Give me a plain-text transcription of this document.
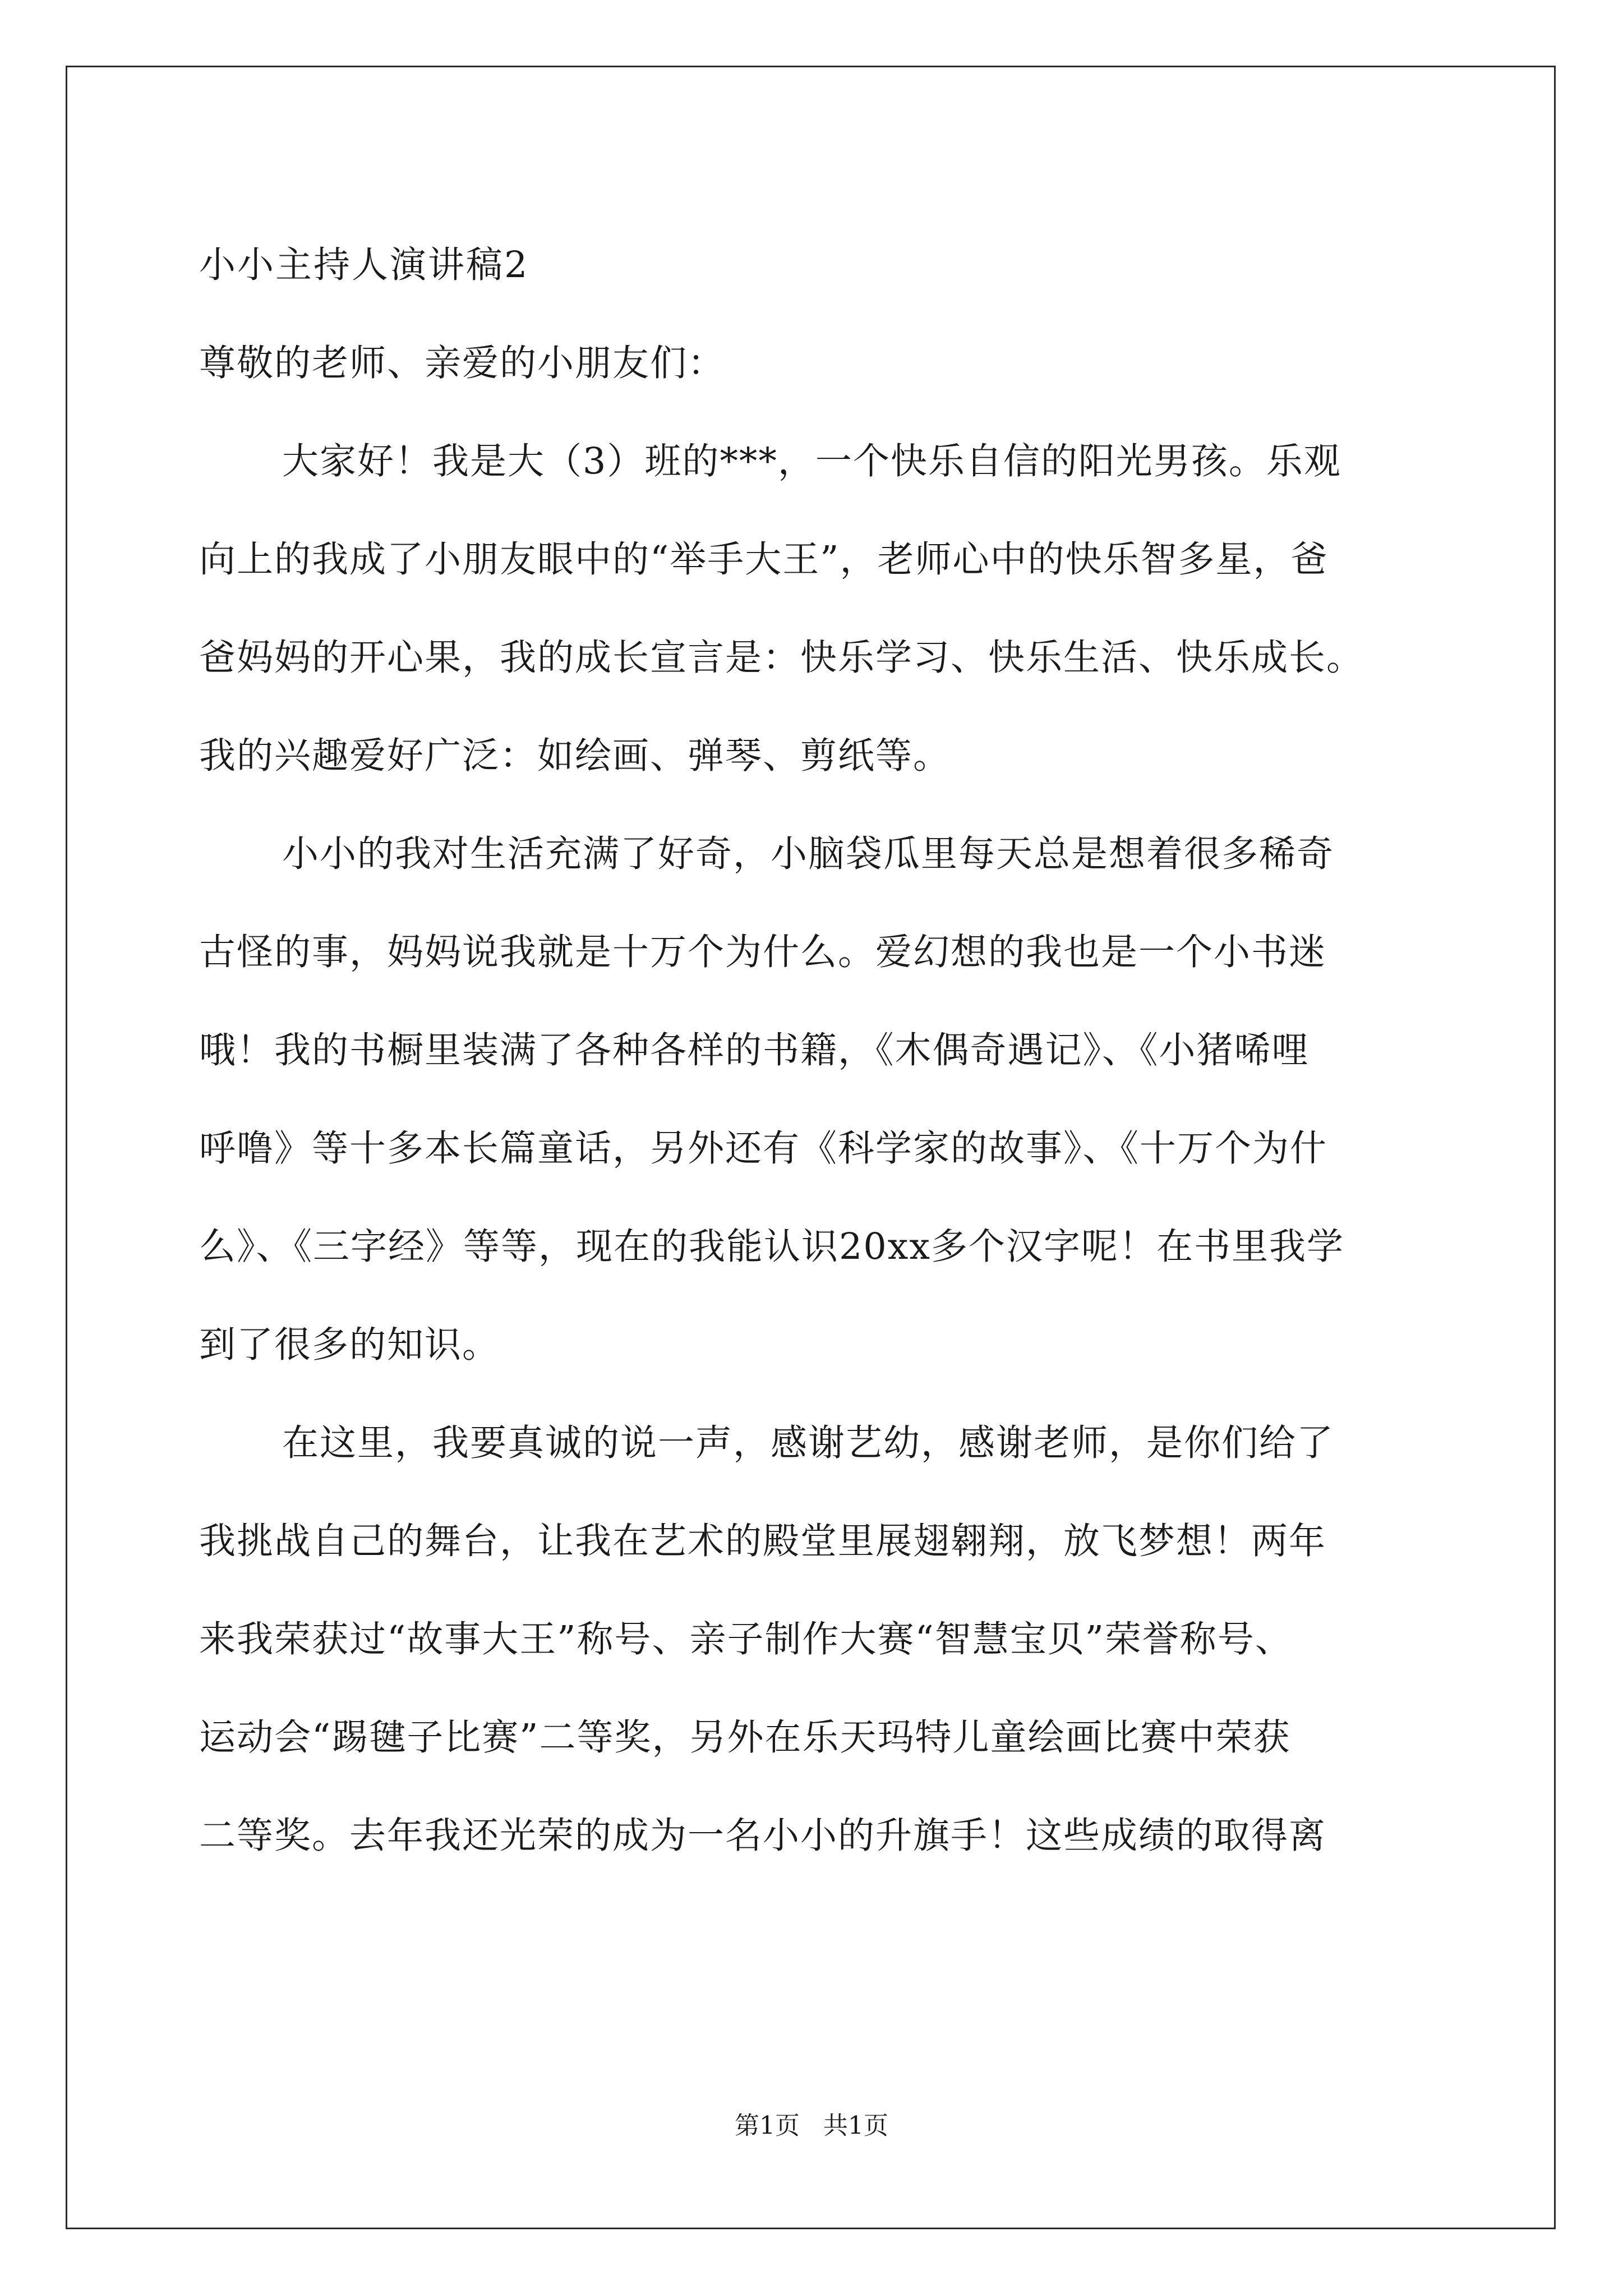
小小主持人演讲稿2
尊敬的老师、亲爱的小朋友们：
大家好！我是大（3）班的***，一个快乐自信的阳光男孩。乐观
向上的我成了小朋友眼中的“举手大王”，老师心中的快乐智多星，爸
爸妈妈的开心果，我的成长宣言是：快乐学习、快乐生活、快乐成长。
我的兴趣爱好广泛：如绘画、弹琴、剪纸等。
小小的我对生活充满了好奇，小脑袋瓜里每天总是想着很多稀奇
古怪的事，妈妈说我就是十万个为什么。爱幻想的我也是一个小书迷
哦！我的书橱里装满了各种各样的书籍，《木偶奇遇记》、《小猪唏哩
呼噜》等十多本长篇童话，另外还有《科学家的故事》、《十万个为什
么》、《三字经》等等，现在的我能认识20xx多个汉字呢！在书里我学
到了很多的知识。
在这里，我要真诚的说一声，感谢艺幼，感谢老师，是你们给了
我挑战自己的舞台，让我在艺术的殿堂里展翅翱翔，放飞梦想！两年
来我荣获过“故事大王”称号、亲子制作大赛“智慧宝贝”荣誉称号、
运动会“踢毽子比赛”二等奖，另外在乐天玛特儿童绘画比赛中荣获
二等奖。去年我还光荣的成为一名小小的升旗手！这些成绩的取得离
第1页 共1页
